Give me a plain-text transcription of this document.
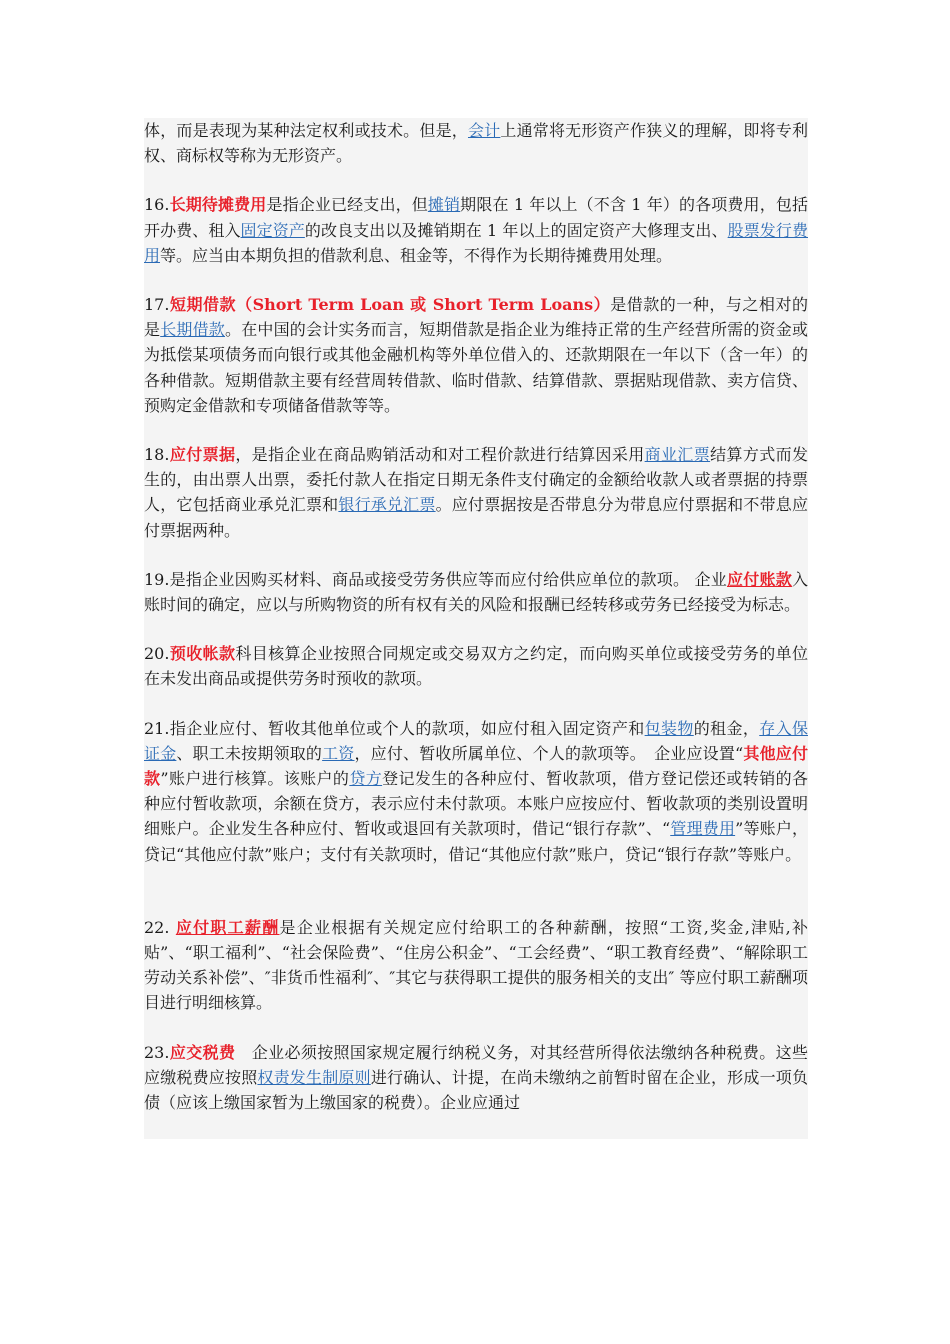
体，而是表现为某种法定权利或技术。但是，会计上通常将无形资产作狭义的理解，即将专利权、商标权等称为无形资产。

16.长期待摊费用是指企业已经支出，但摊销期限在 1 年以上（不含 1 年）的各项费用，包括开办费、租入固定资产的改良支出以及摊销期在 1 年以上的固定资产大修理支出、股票发行费用等。应当由本期负担的借款利息、租金等，不得作为长期待摊费用处理。

17.短期借款（Short Term Loan 或 Short Term Loans）是借款的一种，与之相对的是长期借款。在中国的会计实务而言，短期借款是指企业为维持正常的生产经营所需的资金或为抵偿某项债务而向银行或其他金融机构等外单位借入的、还款期限在一年以下（含一年）的各种借款。短期借款主要有经营周转借款、临时借款、结算借款、票据贴现借款、卖方信贷、预购定金借款和专项储备借款等等。

18.应付票据，是指企业在商品购销活动和对工程价款进行结算因采用商业汇票结算方式而发生的，由出票人出票，委托付款人在指定日期无条件支付确定的金额给收款人或者票据的持票人，它包括商业承兑汇票和银行承兑汇票。应付票据按是否带息分为带息应付票据和不带息应付票据两种。

19.是指企业因购买材料、商品或接受劳务供应等而应付给供应单位的款项。 企业应付账款入账时间的确定，应以与所购物资的所有权有关的风险和报酬已经转移或劳务已经接受为标志。

20.预收帐款科目核算企业按照合同规定或交易双方之约定，而向购买单位或接受劳务的单位在未发出商品或提供劳务时预收的款项。

21.指企业应付、暂收其他单位或个人的款项，如应付租入固定资产和包装物的租金，存入保证金、职工未按期领取的工资，应付、暂收所属单位、个人的款项等。　企业应设置“其他应付款”账户进行核算。该账户的贷方登记发生的各种应付、暂收款项，借方登记偿还或转销的各种应付暂收款项，余额在贷方，表示应付未付款项。本账户应按应付、暂收款项的类别设置明细账户。企业发生各种应付、暂收或退回有关款项时，借记“银行存款”、“管理费用”等账户，贷记“其他应付款”账户；支付有关款项时，借记“其他应付款”账户，贷记“银行存款”等账户。

22. 应付职工薪酬是企业根据有关规定应付给职工的各种薪酬，按照“工资,奖金,津贴,补贴”、“职工福利”、“社会保险费”、“住房公积金”、“工会经费”、“职工教育经费”、“解除职工劳动关系补偿”、″非货币性福利″、″其它与获得职工提供的服务相关的支出″ 等应付职工薪酬项目进行明细核算。

23.应交税费　企业必须按照国家规定履行纳税义务，对其经营所得依法缴纳各种税费。这些应缴税费应按照权责发生制原则进行确认、计提，在尚未缴纳之前暂时留在企业，形成一项负债（应该上缴国家暂为上缴国家的税费）。企业应通过
